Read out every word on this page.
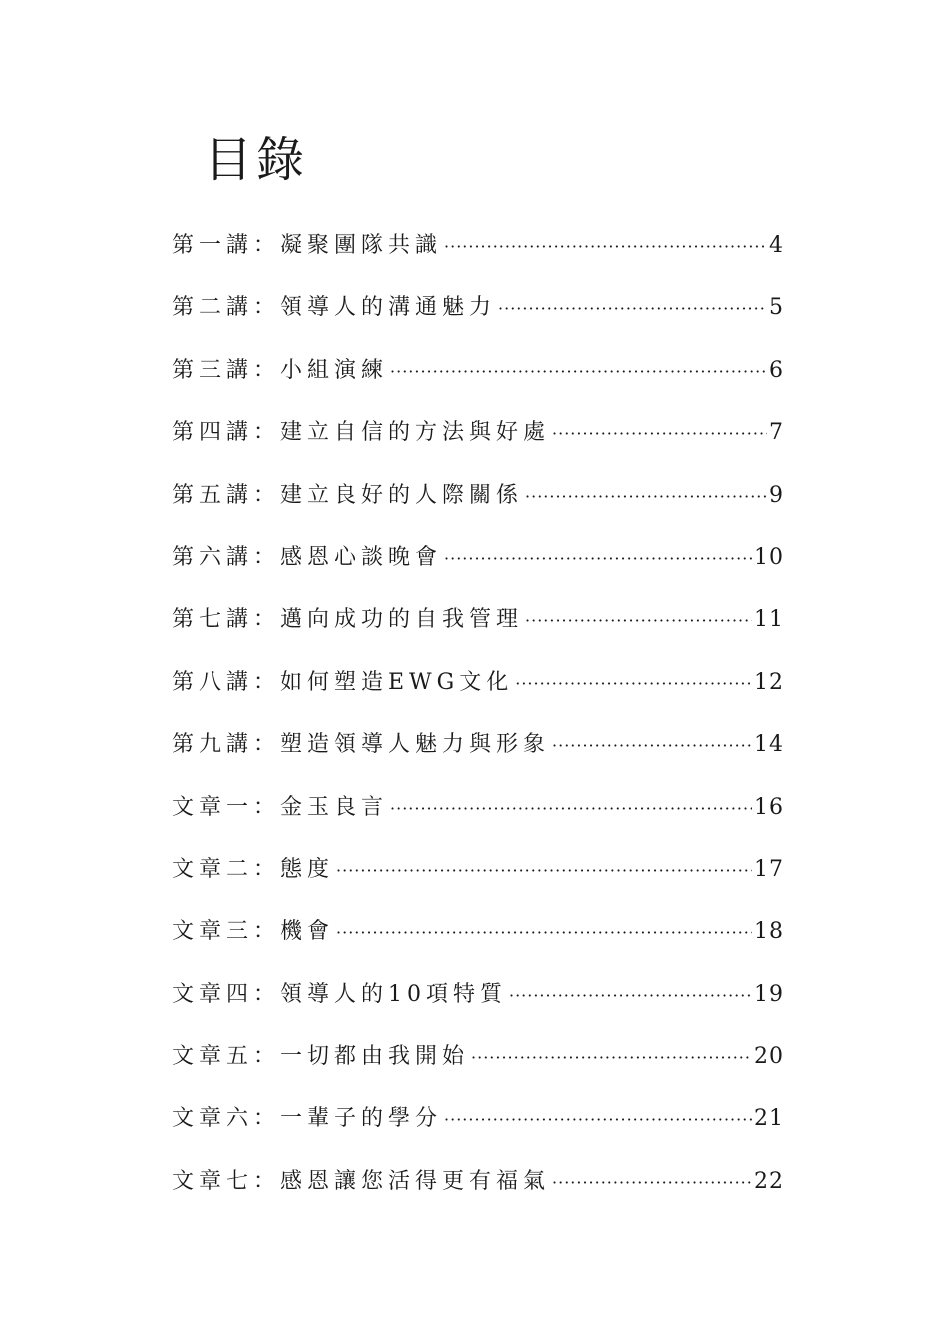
目錄
第一講：凝聚團隊共識 ·····	4
第二講：領導人的溝通魅力 ·····	5
第三講：小組演練 ·····	6
第四講：建立自信的方法與好處 ·····	7
第五講：建立良好的人際關係 ·····	9
第六講：感恩心談晚會 ·····	10
第七講：邁向成功的自我管理 ·····	11
第八講：如何塑造EWG文化 ·····	12
第九講：塑造領導人魅力與形象 ·····	14
文章一：金玉良言 ·····	16
文章二：態度 ·····	17
文章三：機會 ·····	18
文章四：領導人的10項特質 ·····	19
文章五：一切都由我開始 ·····	20
文章六：一輩子的學分 ·····	21
文章七：感恩讓您活得更有福氣 ·····	22
